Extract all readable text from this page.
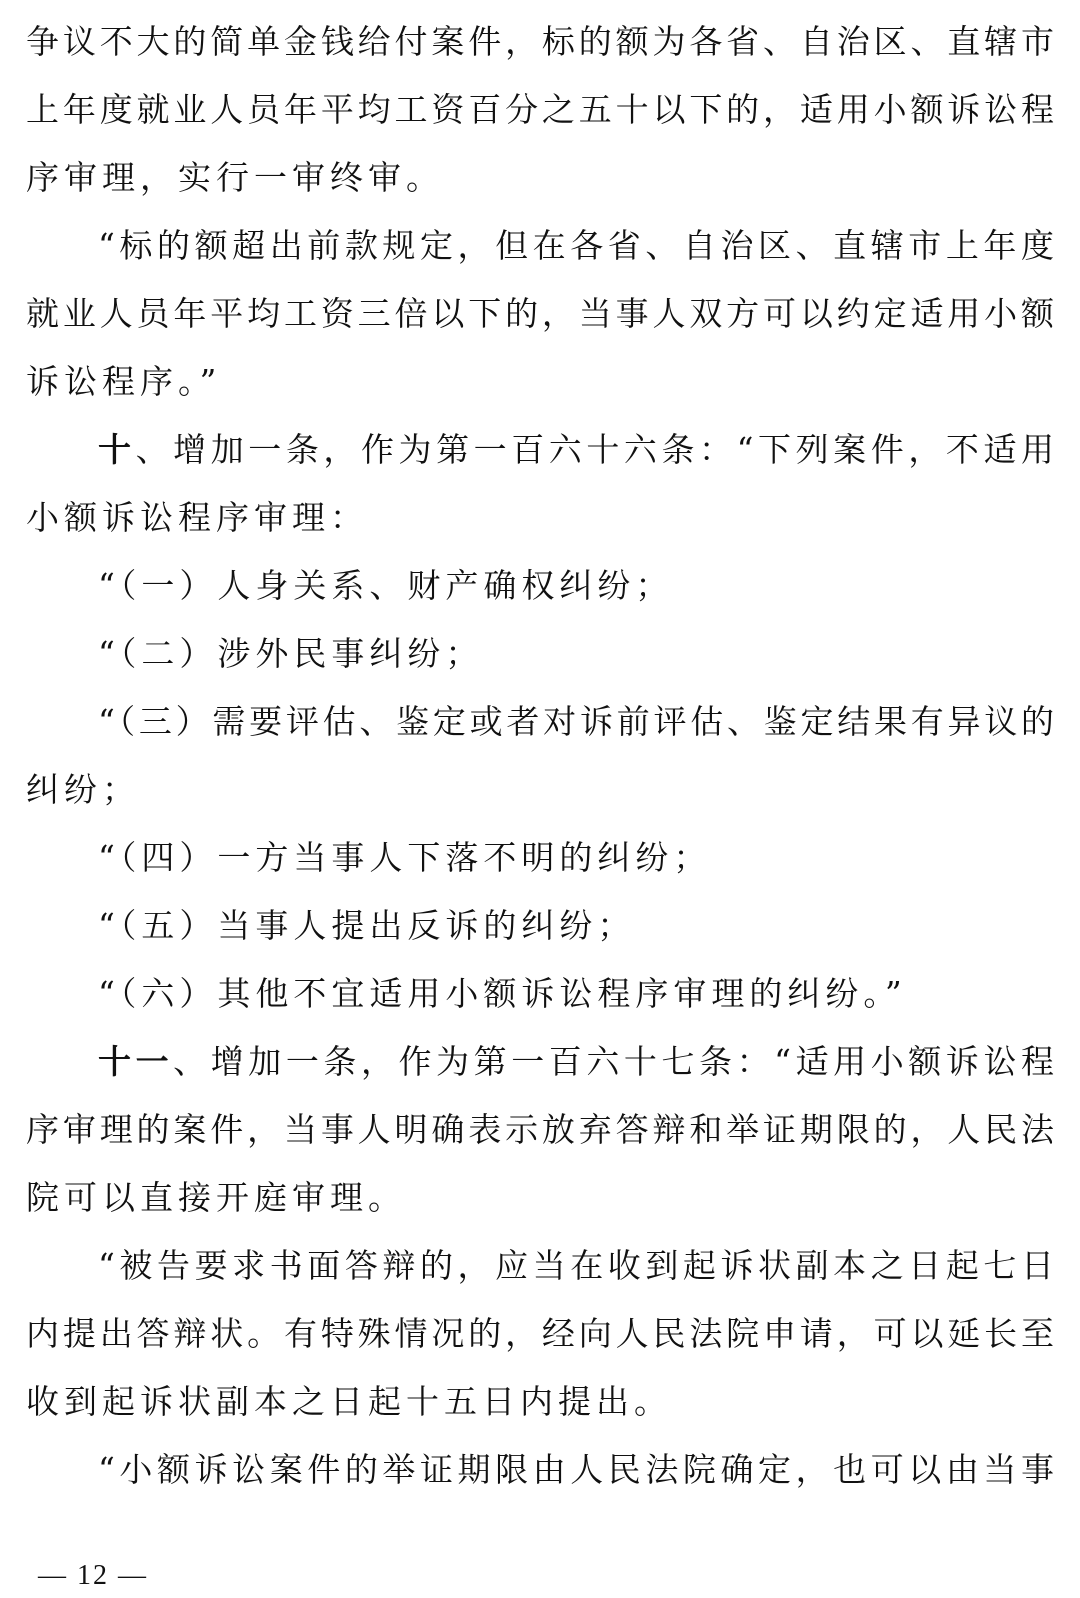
争议不大的简单金钱给付案件，标的额为各省、自治区、直辖市
上年度就业人员年平均工资百分之五十以下的，适用小额诉讼程
序审理，实行一审终审。
“标的额超出前款规定，但在各省、自治区、直辖市上年度
就业人员年平均工资三倍以下的，当事人双方可以约定适用小额
诉讼程序。”
十、增加一条，作为第一百六十六条：“下列案件，不适用
小额诉讼程序审理：
“（一）人身关系、财产确权纠纷；
“（二）涉外民事纠纷；
“（三）需要评估、鉴定或者对诉前评估、鉴定结果有异议的
纠纷；
“（四）一方当事人下落不明的纠纷；
“（五）当事人提出反诉的纠纷；
“（六）其他不宜适用小额诉讼程序审理的纠纷。”
十一、增加一条，作为第一百六十七条：“适用小额诉讼程
序审理的案件，当事人明确表示放弃答辩和举证期限的，人民法
院可以直接开庭审理。
“被告要求书面答辩的，应当在收到起诉状副本之日起七日
内提出答辩状。有特殊情况的，经向人民法院申请，可以延长至
收到起诉状副本之日起十五日内提出。
“小额诉讼案件的举证期限由人民法院确定，也可以由当事
— 12 —
